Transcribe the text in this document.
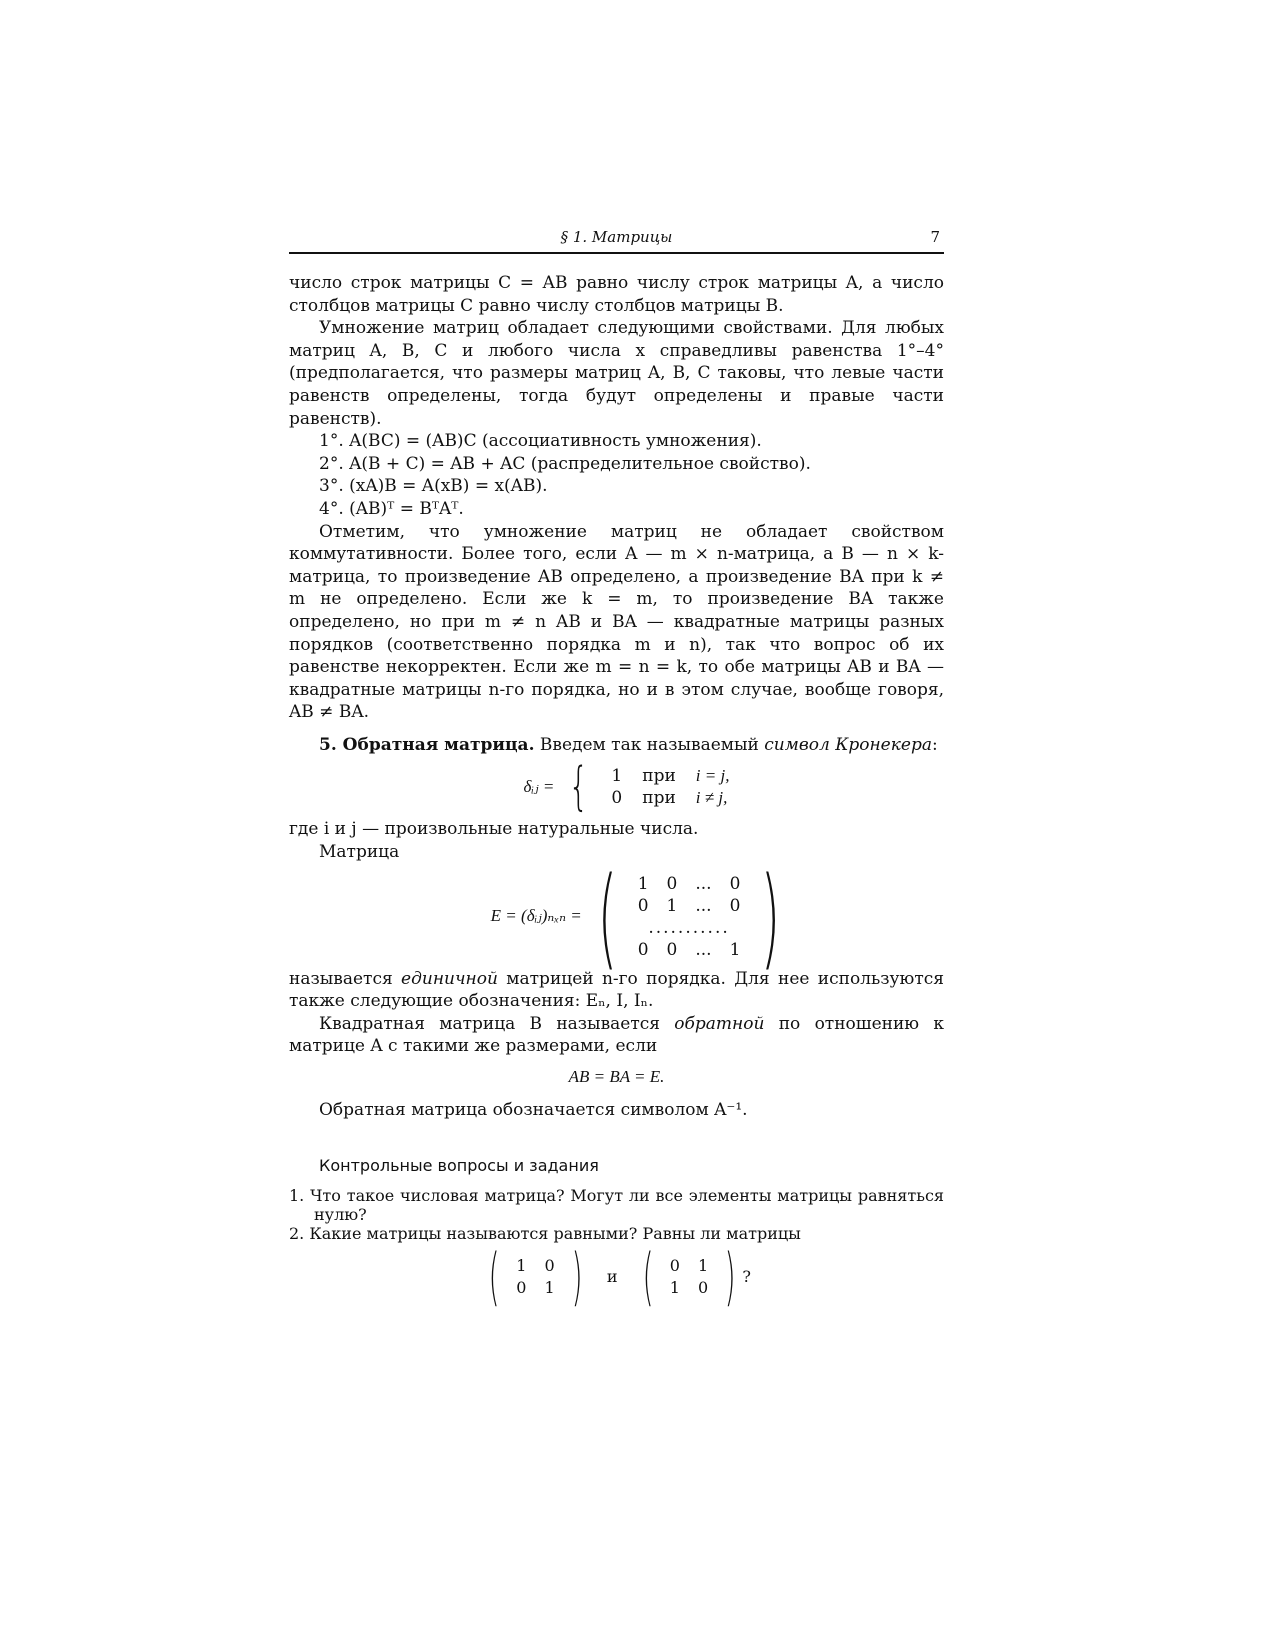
§ 1. Матрицы	7

число строк матрицы C = AB равно числу строк матрицы A, а число столбцов матрицы C равно числу столбцов матрицы B.

Умножение матриц обладает следующими свойствами. Для любых матриц A, B, C и любого числа x справедливы равенства 1°–4° (предполагается, что размеры матриц A, B, C таковы, что левые части равенств определены, тогда будут определены и правые части равенств).

1°. A(BC) = (AB)C (ассоциативность умножения).

2°. A(B + C) = AB + AC (распределительное свойство).

3°. (xA)B = A(xB) = x(AB).

4°. (AB)ᵀ = BᵀAᵀ.

Отметим, что умножение матриц не обладает свойством коммутативности. Более того, если A — m × n-матрица, а B — n × k-матрица, то произведение AB определено, а произведение BA при k ≠ m не определено. Если же k = m, то произведение BA также определено, но при m ≠ n AB и BA — квадратные матрицы разных порядков (соответственно порядка m и n), так что вопрос об их равенстве некорректен. Если же m = n = k, то обе матрицы AB и BA — квадратные матрицы n-го порядка, но и в этом случае, вообще говоря, AB ≠ BA.

5. Обратная матрица. Введем так называемый символ Кронекера:

δᵢⱼ = { 1	при	i = j,
0	при	i ≠ j,

где i и j — произвольные натуральные числа.

Матрица

E = (δᵢⱼ)ₙₓₙ = ( 1	0	...	0
0	1	...	0
...........			
0	0	...	1 )

называется единичной матрицей n-го порядка. Для нее используются также следующие обозначения: Eₙ, I, Iₙ.

Квадратная матрица B называется обратной по отношению к матрице A с такими же размерами, если

AB = BA = E.

Обратная матрица обозначается символом A⁻¹.

Контрольные вопросы и задания

1. Что такое числовая матрица? Могут ли все элементы матрицы равняться нулю?

2. Какие матрицы называются равными? Равны ли матрицы

( 1	0
0	1 ) и ( 0	1
1	0 ) ?
